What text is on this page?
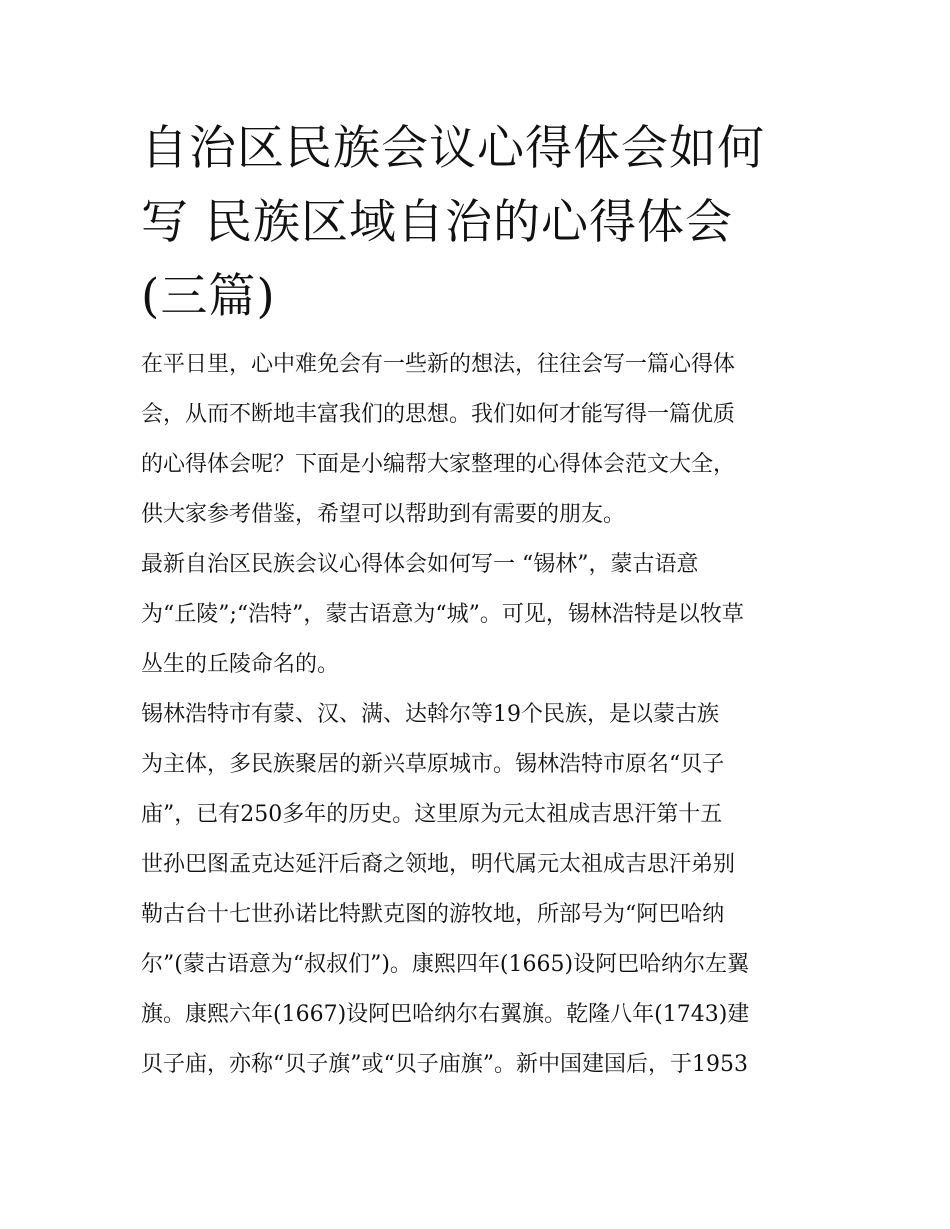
自治区民族会议心得体会如何
写 民族区域自治的心得体会
(三篇)

在平日里，心中难免会有一些新的想法，往往会写一篇心得体
会，从而不断地丰富我们的思想。我们如何才能写得一篇优质
的心得体会呢？下面是小编帮大家整理的心得体会范文大全，
供大家参考借鉴，希望可以帮助到有需要的朋友。

最新自治区民族会议心得体会如何写一 “锡林”，蒙古语意
为“丘陵”;“浩特”，蒙古语意为“城”。可见，锡林浩特是以牧草
丛生的丘陵命名的。

锡林浩特市有蒙、汉、满、达斡尔等19个民族，是以蒙古族
为主体，多民族聚居的新兴草原城市。锡林浩特市原名“贝子
庙”，已有250多年的历史。这里原为元太祖成吉思汗第十五
世孙巴图孟克达延汗后裔之领地，明代属元太祖成吉思汗弟别
勒古台十七世孙诺比特默克图的游牧地，所部号为“阿巴哈纳
尔”(蒙古语意为“叔叔们”)。康熙四年(1665)设阿巴哈纳尔左翼
旗。康熙六年(1667)设阿巴哈纳尔右翼旗。乾隆八年(1743)建
贝子庙，亦称“贝子旗”或“贝子庙旗”。新中国建国后，于1953
